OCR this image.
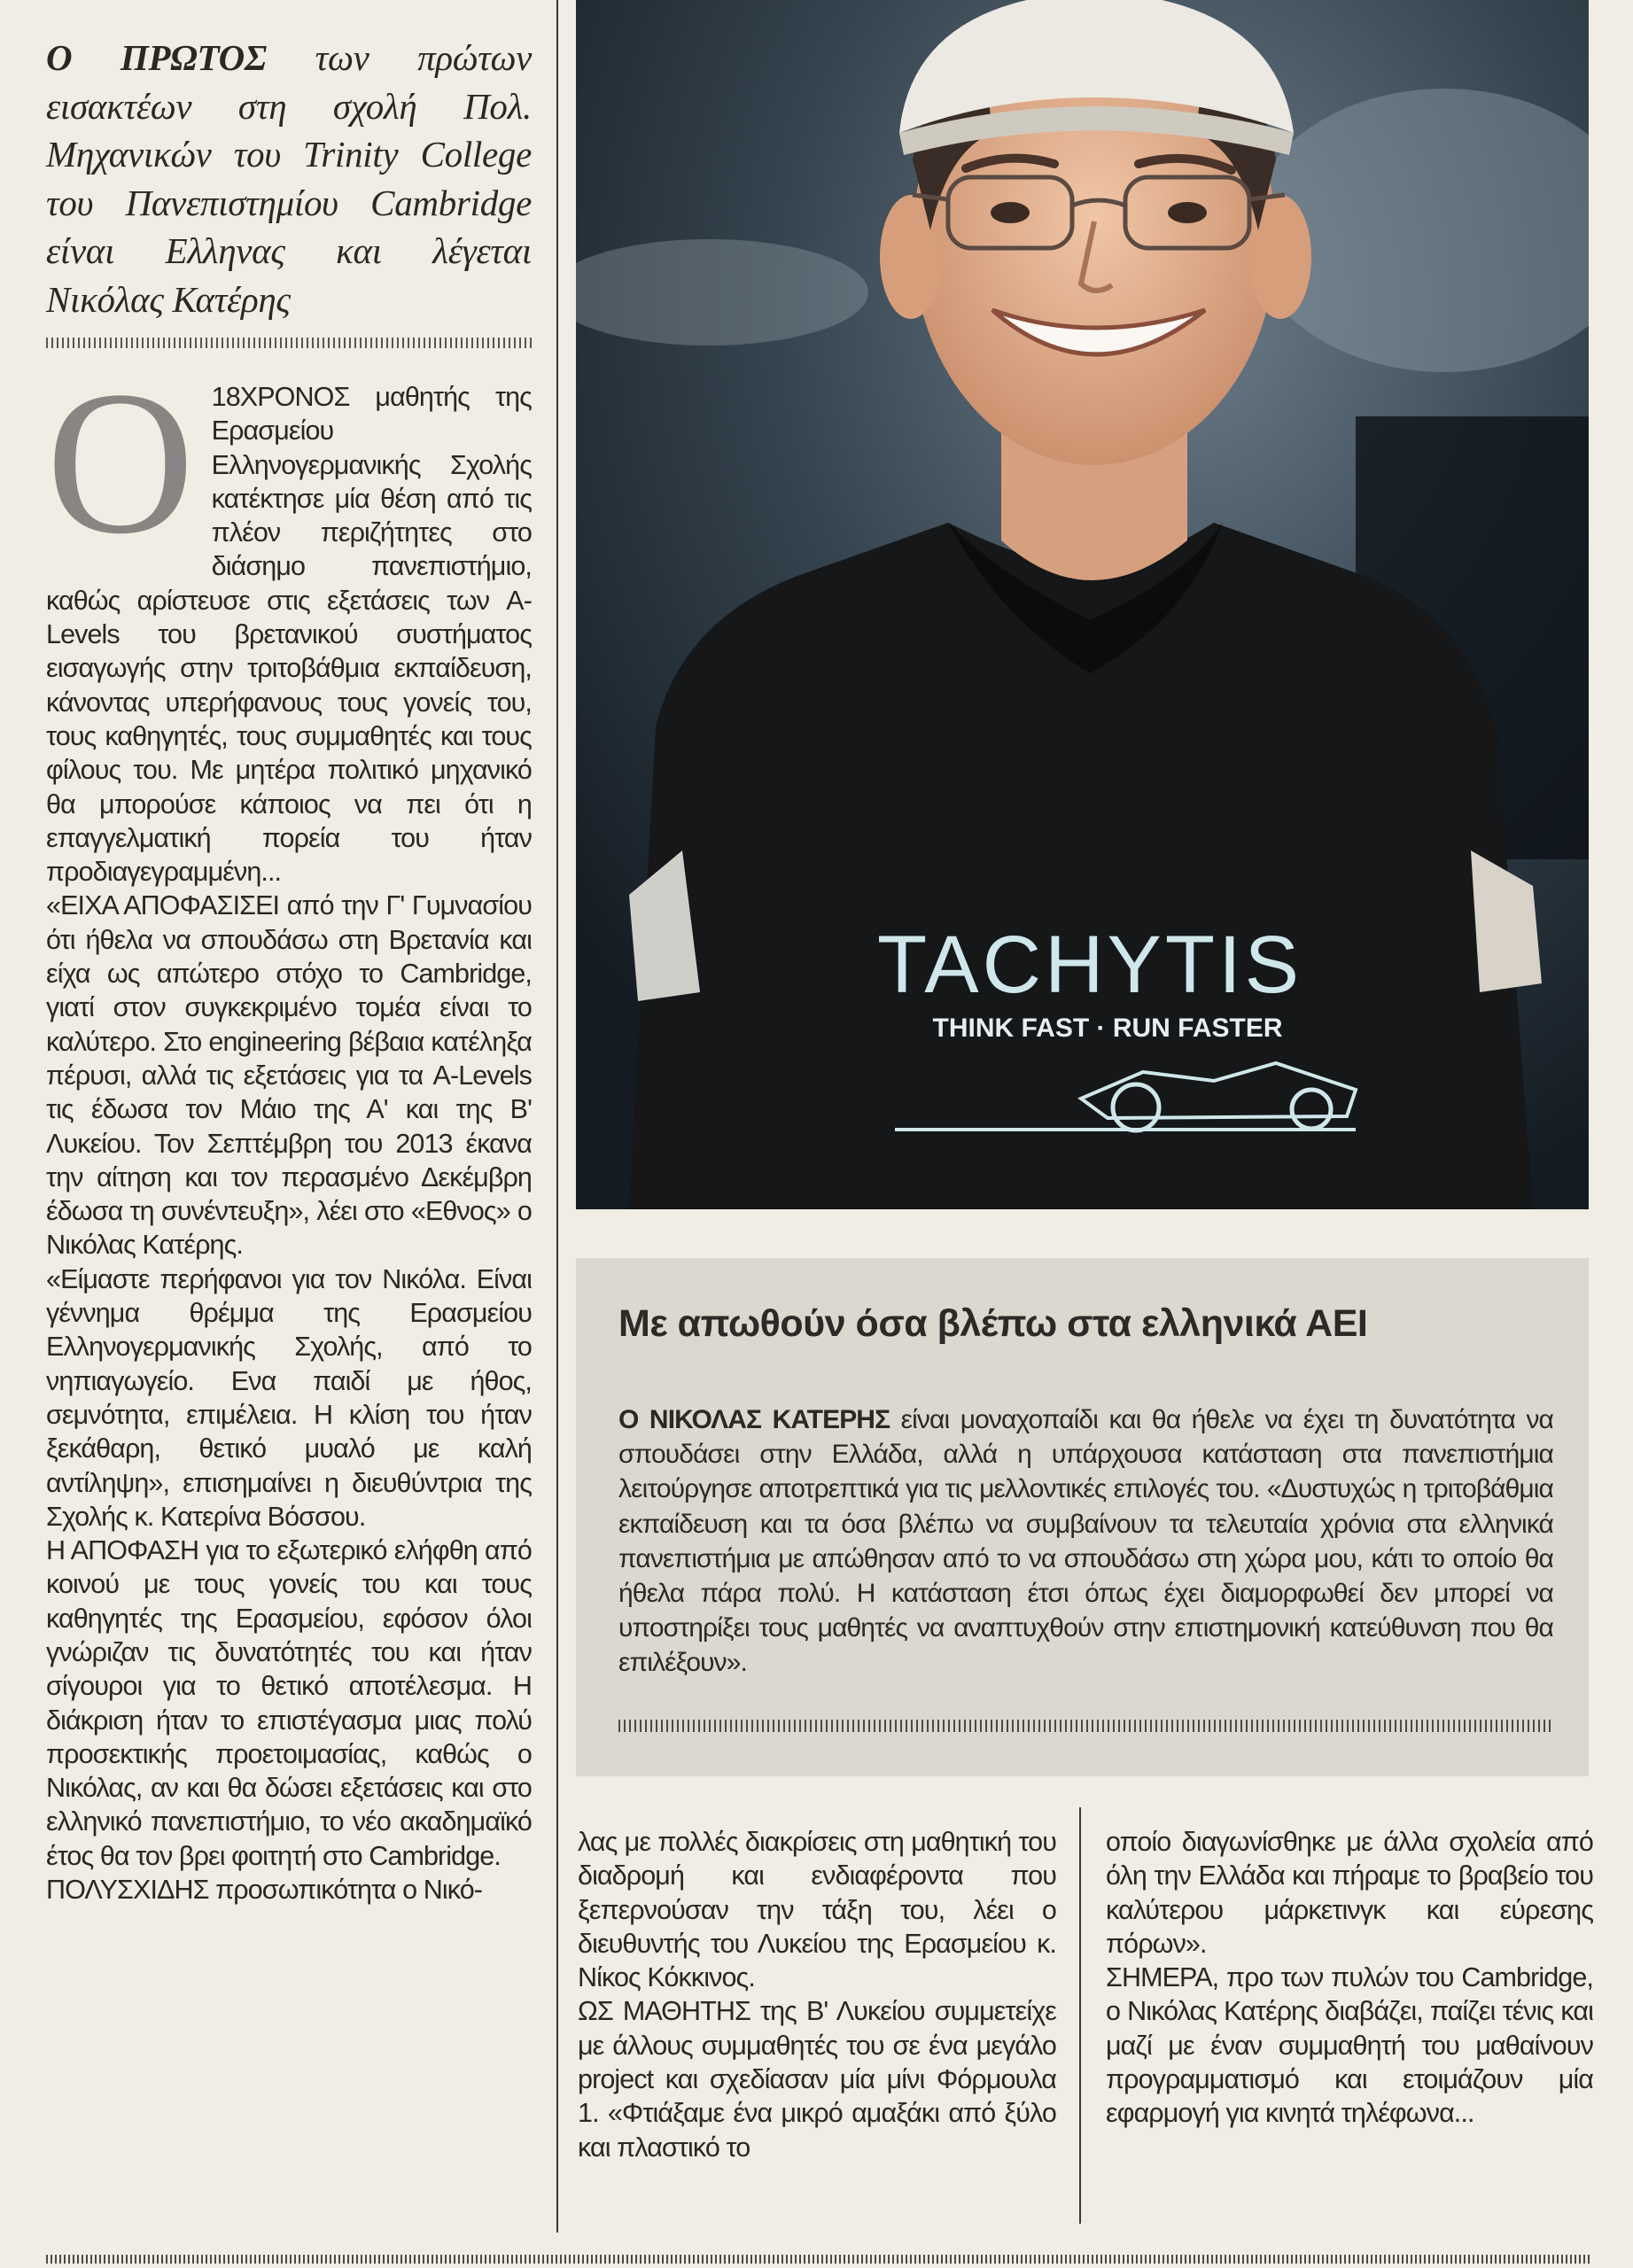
Ο ΠΡΩΤΟΣ των πρώτων εισακτέων στη σχολή Πολ. Μηχανικών του Trinity College του Πανεπιστημίου Cambridge είναι Ελληνας και λέγεται Νικόλας Κατέρης
Ο 18ΧΡΟΝΟΣ μαθητής της Ερασμείου Ελληνογερμανικής Σχολής κατέκτησε μία θέση από τις πλέον περιζήτητες στο διάσημο πανεπιστήμιο, καθώς αρίστευσε στις εξετάσεις των A-Levels του βρετανικού συστήματος εισαγωγής στην τριτοβάθμια εκπαίδευση, κάνοντας υπερήφανους τους γονείς του, τους καθηγητές, τους συμμαθητές και τους φίλους του. Με μητέρα πολιτικό μηχανικό θα μπορούσε κάποιος να πει ότι η επαγγελματική πορεία του ήταν προδιαγεγραμμένη...

«ΕΙΧΑ ΑΠΟΦΑΣΙΣΕΙ από την Γ' Γυμνασίου ότι ήθελα να σπουδάσω στη Βρετανία και είχα ως απώτερο στόχο το Cambridge, γιατί στον συγκεκριμένο τομέα είναι το καλύτερο. Στο engineering βέβαια κατέληξα πέρυσι, αλλά τις εξετάσεις για τα A-Levels τις έδωσα τον Μάιο της Α' και της Β' Λυκείου. Τον Σεπτέμβρη του 2013 έκανα την αίτηση και τον περασμένο Δεκέμβρη έδωσα τη συνέντευξη», λέει στο «Εθνος» ο Νικόλας Κατέρης.

«Είμαστε περήφανοι για τον Νικόλα. Είναι γέννημα θρέμμα της Ερασμείου Ελληνογερμανικής Σχολής, από το νηπιαγωγείο. Ενα παιδί με ήθος, σεμνότητα, επιμέλεια. Η κλίση του ήταν ξεκάθαρη, θετικό μυαλό με καλή αντίληψη», επισημαίνει η διευθύντρια της Σχολής κ. Κατερίνα Βόσσου.

Η ΑΠΟΦΑΣΗ για το εξωτερικό ελήφθη από κοινού με τους γονείς του και τους καθηγητές της Ερασμείου, εφόσον όλοι γνώριζαν τις δυνατότητές του και ήταν σίγουροι για το θετικό αποτέλεσμα. Η διάκριση ήταν το επιστέγασμα μιας πολύ προσεκτικής προετοιμασίας, καθώς ο Νικόλας, αν και θα δώσει εξετάσεις και στο ελληνικό πανεπιστήμιο, το νέο ακαδημαϊκό έτος θα τον βρει φοιτητή στο Cambridge.

ΠΟΛΥΣΧΙΔΗΣ προσωπικότητα ο Νικό-

TACHYTIS
THINK FAST · RUN FASTER
Με απωθούν όσα βλέπω στα ελληνικά ΑΕΙ
Ο ΝΙΚΟΛΑΣ ΚΑΤΕΡΗΣ είναι μοναχοπαίδι και θα ήθελε να έχει τη δυνατότητα να σπουδάσει στην Ελλάδα, αλλά η υπάρχουσα κατάσταση στα πανεπιστήμια λειτούργησε αποτρεπτικά για τις μελλοντικές επιλογές του. «Δυστυχώς η τριτοβάθμια εκπαίδευση και τα όσα βλέπω να συμβαίνουν τα τελευταία χρόνια στα ελληνικά πανεπιστήμια με απώθησαν από το να σπουδάσω στη χώρα μου, κάτι το οποίο θα ήθελα πάρα πολύ. Η κατάσταση έτσι όπως έχει διαμορφωθεί δεν μπορεί να υποστηρίξει τους μαθητές να αναπτυχθούν στην επιστημονική κατεύθυνση που θα επιλέξουν».

λας με πολλές διακρίσεις στη μαθητική του διαδρομή και ενδιαφέροντα που ξεπερνούσαν την τάξη του, λέει ο διευθυντής του Λυκείου της Ερασμείου κ. Νίκος Κόκκινος.

ΩΣ ΜΑΘΗΤΗΣ της Β' Λυκείου συμμετείχε με άλλους συμμαθητές του σε ένα μεγάλο project και σχεδίασαν μία μίνι Φόρμουλα 1. «Φτιάξαμε ένα μικρό αμαξάκι από ξύλο και πλαστικό το

οποίο διαγωνίσθηκε με άλλα σχολεία από όλη την Ελλάδα και πήραμε το βραβείο του καλύτερου μάρκετινγκ και εύρεσης πόρων».

ΣΗΜΕΡΑ, προ των πυλών του Cambridge, ο Νικόλας Κατέρης διαβάζει, παίζει τένις και μαζί με έναν συμμαθητή του μαθαίνουν προγραμματισμό και ετοιμάζουν μία εφαρμογή για κινητά τηλέφωνα...
